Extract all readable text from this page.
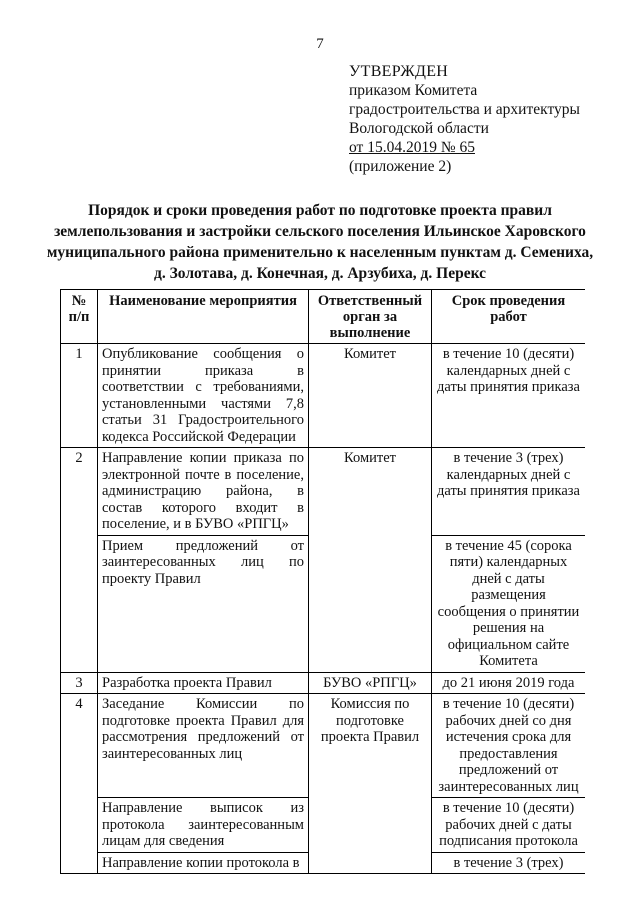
7
УТВЕРЖДЕН
приказом Комитета
градостроительства и архитектуры
Вологодской области
от 15.04.2019 № 65
(приложение 2)
Порядок и сроки проведения работ по подготовке проекта правил землепользования и застройки сельского поселения Ильинское Харовского муниципального района применительно к населенным пунктам д. Семениха, д. Золотава, д. Конечная, д. Арзубиха, д. Перекс
№ п/п	Наименование мероприятия	Ответственный орган за выполнение	Срок проведения работ
1	Опубликование сообщения о принятии приказа в соответствии с требованиями, установленными частями 7,8 статьи 31 Градостроительного кодекса Российской Федерации	Комитет	в течение 10 (десяти) календарных дней с даты принятия приказа
2	Направление копии приказа по электронной почте в поселение, администрацию района, в состав которого входит в поселение, и в БУВО «РПГЦ»	Комитет	в течение 3 (трех) календарных дней с даты принятия приказа
	Прием предложений от заинтересованных лиц по проекту Правил		в течение 45 (сорока пяти) календарных дней с даты размещения сообщения о принятии решения на официальном сайте Комитета
3	Разработка проекта Правил	БУВО «РПГЦ»	до 21 июня 2019 года
4	Заседание Комиссии по подготовке проекта Правил для рассмотрения предложений от заинтересованных лиц	Комиссия по подготовке проекта Правил	в течение 10 (десяти) рабочих дней со дня истечения срока для предоставления предложений от заинтересованных лиц
	Направление выписок из протокола заинтересованным лицам для сведения		в течение 10 (десяти) рабочих дней с даты подписания протокола
	Направление копии протокола в		в течение 3 (трех)
